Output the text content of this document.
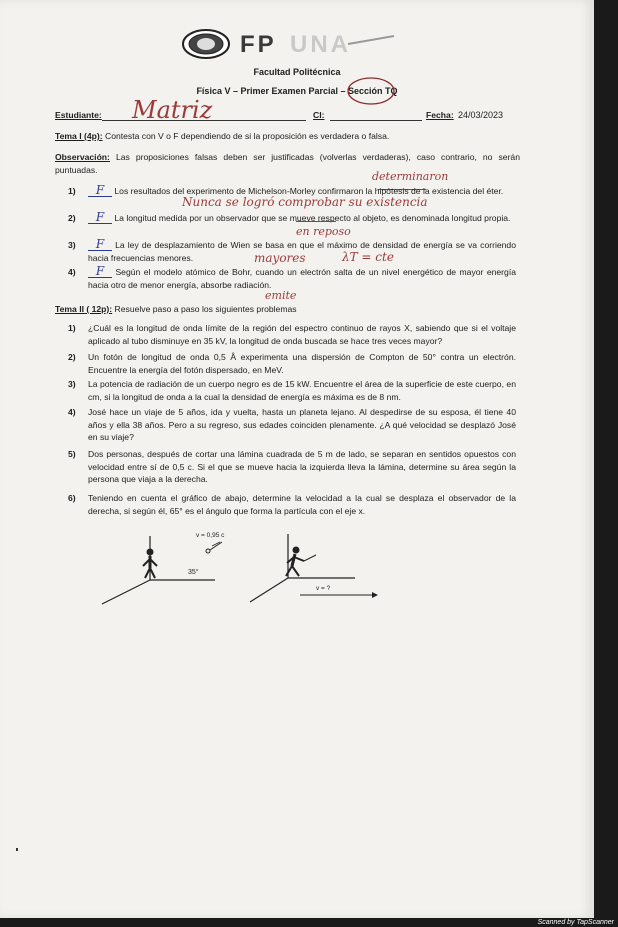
FP UNA
Facultad Politécnica
Física V – Primer Examen Parcial – Sección TQ
Estudiante: Matriz	CI:	Fecha: 24/03/2023
Tema I (4p): Contesta con V o F dependiendo de si la proposición es verdadera o falsa.
Observación: Las proposiciones falsas deben ser justificadas (volverlas verdaderas), caso contrario, no serán puntuadas.
determinaron
1)	F Los resultados del experimento de Michelson-Morley confirmaron la hipótesis de la existencia del éter.
Nunca se logró comprobar su existencia
2)	F La longitud medida por un observador que se mueve respecto al objeto, es denominada longitud propia.
en reposo
3)	F La ley de desplazamiento de Wien se basa en que el máximo de densidad de energía se va corriendo hacia frecuencias menores.	mayores	λT = cte
4)	F Según el modelo atómico de Bohr, cuando un electrón salta de un nivel energético de mayor energía hacia otro de menor energía, absorbe radiación.
emite
Tema II ( 12p): Resuelve paso a paso los siguientes problemas
1) ¿Cuál es la longitud de onda límite de la región del espectro continuo de rayos X, sabiendo que si el voltaje aplicado al tubo disminuye en 35 kV, la longitud de onda buscada se hace tres veces mayor?
2) Un fotón de longitud de onda 0,5 Å experimenta una dispersión de Compton de 50° contra un electrón. Encuentre la energía del fotón dispersado, en MeV.
3) La potencia de radiación de un cuerpo negro es de 15 kW. Encuentre el área de la superficie de este cuerpo, en cm, si la longitud de onda a la cual la densidad de energía es máxima es de 8 nm.
4) José hace un viaje de 5 años, ida y vuelta, hasta un planeta lejano. Al despedirse de su esposa, él tiene 40 años y ella 38 años. Pero a su regreso, sus edades coinciden plenamente. ¿A qué velocidad se desplazó José en su viaje?
5) Dos personas, después de cortar una lámina cuadrada de 5 m de lado, se separan en sentidos opuestos con velocidad entre sí de 0,5 c. Si el que se mueve hacia la izquierda lleva la lámina, determine su área según la persona que viaja a la derecha.
6) Teniendo en cuenta el gráfico de abajo, determine la velocidad a la cual se desplaza el observador de la derecha, si según él, 65° es el ángulo que forma la partícula con el eje x.
v = 0,95 c
35°
v = ?
Scanned by TapScanner
